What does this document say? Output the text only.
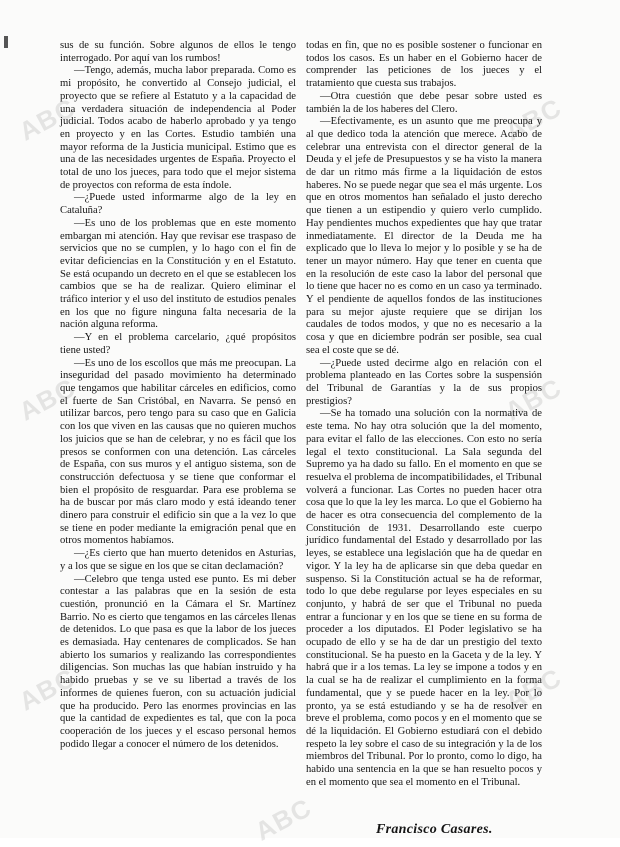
ABC	ABC
ABC	ABC
ABC	ABC
ABC

sus de su función. Sobre algunos de ellos le tengo interrogado. Por aquí van los rumbos!

—Tengo, además, mucha labor preparada. Como es mi propósito, he convertido al Consejo judicial, el proyecto que se refiere al Estatuto y a la capacidad de una verdadera situación de independencia al Poder judicial. Todos acabo de haberlo aprobado y ya tengo en proyecto y en las Cortes. Estudio también una mayor reforma de la Justicia municipal. Estimo que es una de las necesidades urgentes de España. Proyecto el total de uno los jueces, para todo que el mejor sistema de proyectos con reforma de esta índole.

—¿Puede usted informarme algo de la ley en Cataluña?

—Es uno de los problemas que en este momento embargan mi atención. Hay que revisar ese traspaso de servicios que no se cumplen, y lo hago con el fin de evitar deficiencias en la Constitución y en el Estatuto. Se está ocupando un decreto en el que se establecen los cambios que se ha de realizar. Quiero eliminar el tráfico interior y el uso del instituto de estudios penales en los que no figure ninguna falta necesaria de la nación alguna reforma.

—Y en el problema carcelario, ¿qué propósitos tiene usted?

—Es uno de los escollos que más me preocupan. La inseguridad del pasado movimiento ha determinado que tengamos que habilitar cárceles en edificios, como el fuerte de San Cristóbal, en Navarra. Se pensó en utilizar barcos, pero tengo para su caso que en Galicia con los que viven en las causas que no quieren muchos los juicios que se han de celebrar, y no es fácil que los presos se conformen con una detención. Las cárceles de España, con sus muros y el antiguo sistema, son de construcción defectuosa y se tiene que conformar el bien el propósito de resguardar. Para ese problema se ha de buscar por más claro modo y está ideando tener dinero para construir el edificio sin que a la vez lo que se tiene en poder mediante la emigración penal que en otros momentos habíamos.

—¿Es cierto que han muerto detenidos en Asturias, y a los que se sigue en los que se citan declamación?

—Celebro que tenga usted ese punto. Es mi deber contestar a las palabras que en la sesión de esta cuestión, pronunció en la Cámara el Sr. Martínez Barrio. No es cierto que tengamos en las cárceles llenas de detenidos. Lo que pasa es que la labor de los jueces es demasiada. Hay centenares de complicados. Se han abierto los sumarios y realizando las correspondientes diligencias. Son muchas las que habían instruido y ha habido pruebas y se ve su libertad a través de los informes de quienes fueron, con su actuación judicial que ha producido. Pero las enormes provincias en las que la cantidad de expedientes es tal, que con la poca cooperación de los jueces y el escaso personal hemos podido llegar a conocer el número de los detenidos.

todas en fin, que no es posible sostener o funcionar en todos los casos. Es un haber en el Gobierno hacer de comprender las peticiones de los jueces y el tratamiento que cuesta sus trabajos.

—Otra cuestión que debe pesar sobre usted es también la de los haberes del Clero.

—Efectivamente, es un asunto que me preocupa y al que dedico toda la atención que merece. Acabo de celebrar una entrevista con el director general de la Deuda y el jefe de Presupuestos y se ha visto la manera de dar un ritmo más firme a la liquidación de estos haberes. No se puede negar que sea el más urgente. Los que en otros momentos han señalado el justo derecho que tienen a un estipendio y quiero verlo cumplido. Hay pendientes muchos expedientes que hay que tratar inmediatamente. El director de la Deuda me ha explicado que lo lleva lo mejor y lo posible y se ha de tener un mayor número. Hay que tener en cuenta que en la resolución de este caso la labor del personal que lo tiene que hacer no es como en un caso ya terminado. Y el pendiente de aquellos fondos de las instituciones para su mejor ajuste requiere que se dirijan los caudales de todos modos, y que no es necesario a la cosa y que en diciembre podrán ser posible, sea cual sea el coste que se dé.

—¿Puede usted decirme algo en relación con el problema planteado en las Cortes sobre la suspensión del Tribunal de Garantías y la de sus propios prestigios?

—Se ha tomado una solución con la normativa de este tema. No hay otra solución que la del momento, para evitar el fallo de las elecciones. Con esto no sería legal el texto constitucional. La Sala segunda del Supremo ya ha dado su fallo. En el momento en que se resuelva el problema de incompatibilidades, el Tribunal volverá a funcionar. Las Cortes no pueden hacer otra cosa que lo que la ley les marca. Lo que el Gobierno ha de hacer es otra consecuencia del complemento de la Constitución de 1931. Desarrollando este cuerpo jurídico fundamental del Estado y desarrollado por las leyes, se establece una legislación que ha de quedar en vigor. Y la ley ha de aplicarse sin que deba quedar en suspenso. Si la Constitución actual se ha de reformar, todo lo que debe regularse por leyes especiales en su conjunto, y habrá de ser que el Tribunal no pueda entrar a funcionar y en los que se tiene en su forma de proceder a los diputados. El Poder legislativo se ha ocupado de ello y se ha de dar un prestigio del texto constitucional. Se ha puesto en la Gaceta y de la ley. Y habrá que ir a los temas. La ley se impone a todos y en la cual se ha de realizar el cumplimiento en la forma fundamental, que y se puede hacer en la ley. Por lo pronto, ya se está estudiando y se ha de resolver en breve el problema, como pocos y en el momento que se dé la liquidación. El Gobierno estudiará con el debido respeto la ley sobre el caso de su integración y la de los miembros del Tribunal. Por lo pronto, como lo digo, ha habido una sentencia en la que se han resuelto pocos y en el momento que sea el momento en el Tribunal.

Francisco Casares.
